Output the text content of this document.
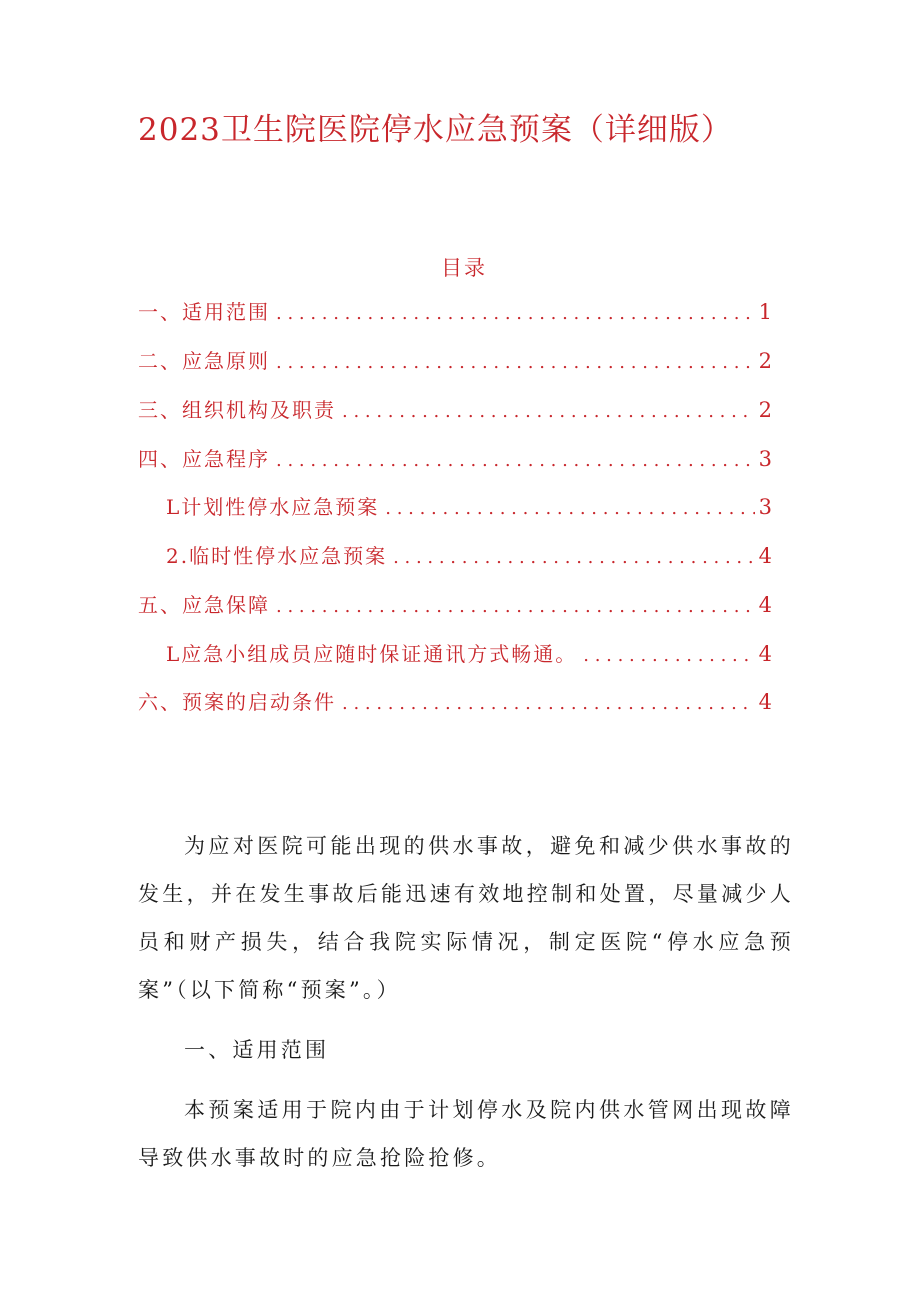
2023卫生院医院停水应急预案（详细版）
目录
一、适用范围 . . .	1
二、应急原则 . . .	2
三、组织机构及职责 . . .	2
四、应急程序 . . .	3
L计划性停水应急预案 . . .	3
2.临时性停水应急预案 . . .	4
五、应急保障 . . .	4
L应急小组成员应随时保证通讯方式畅通。 . . .	4
六、预案的启动条件 . . .	4

为应对医院可能出现的供水事故，避免和减少供水事故的发生，并在发生事故后能迅速有效地控制和处置，尽量减少人员和财产损失，结合我院实际情况，制定医院“停水应急预案”（以下简称“预案”。）

一、适用范围

本预案适用于院内由于计划停水及院内供水管网出现故障导致供水事故时的应急抢险抢修。
